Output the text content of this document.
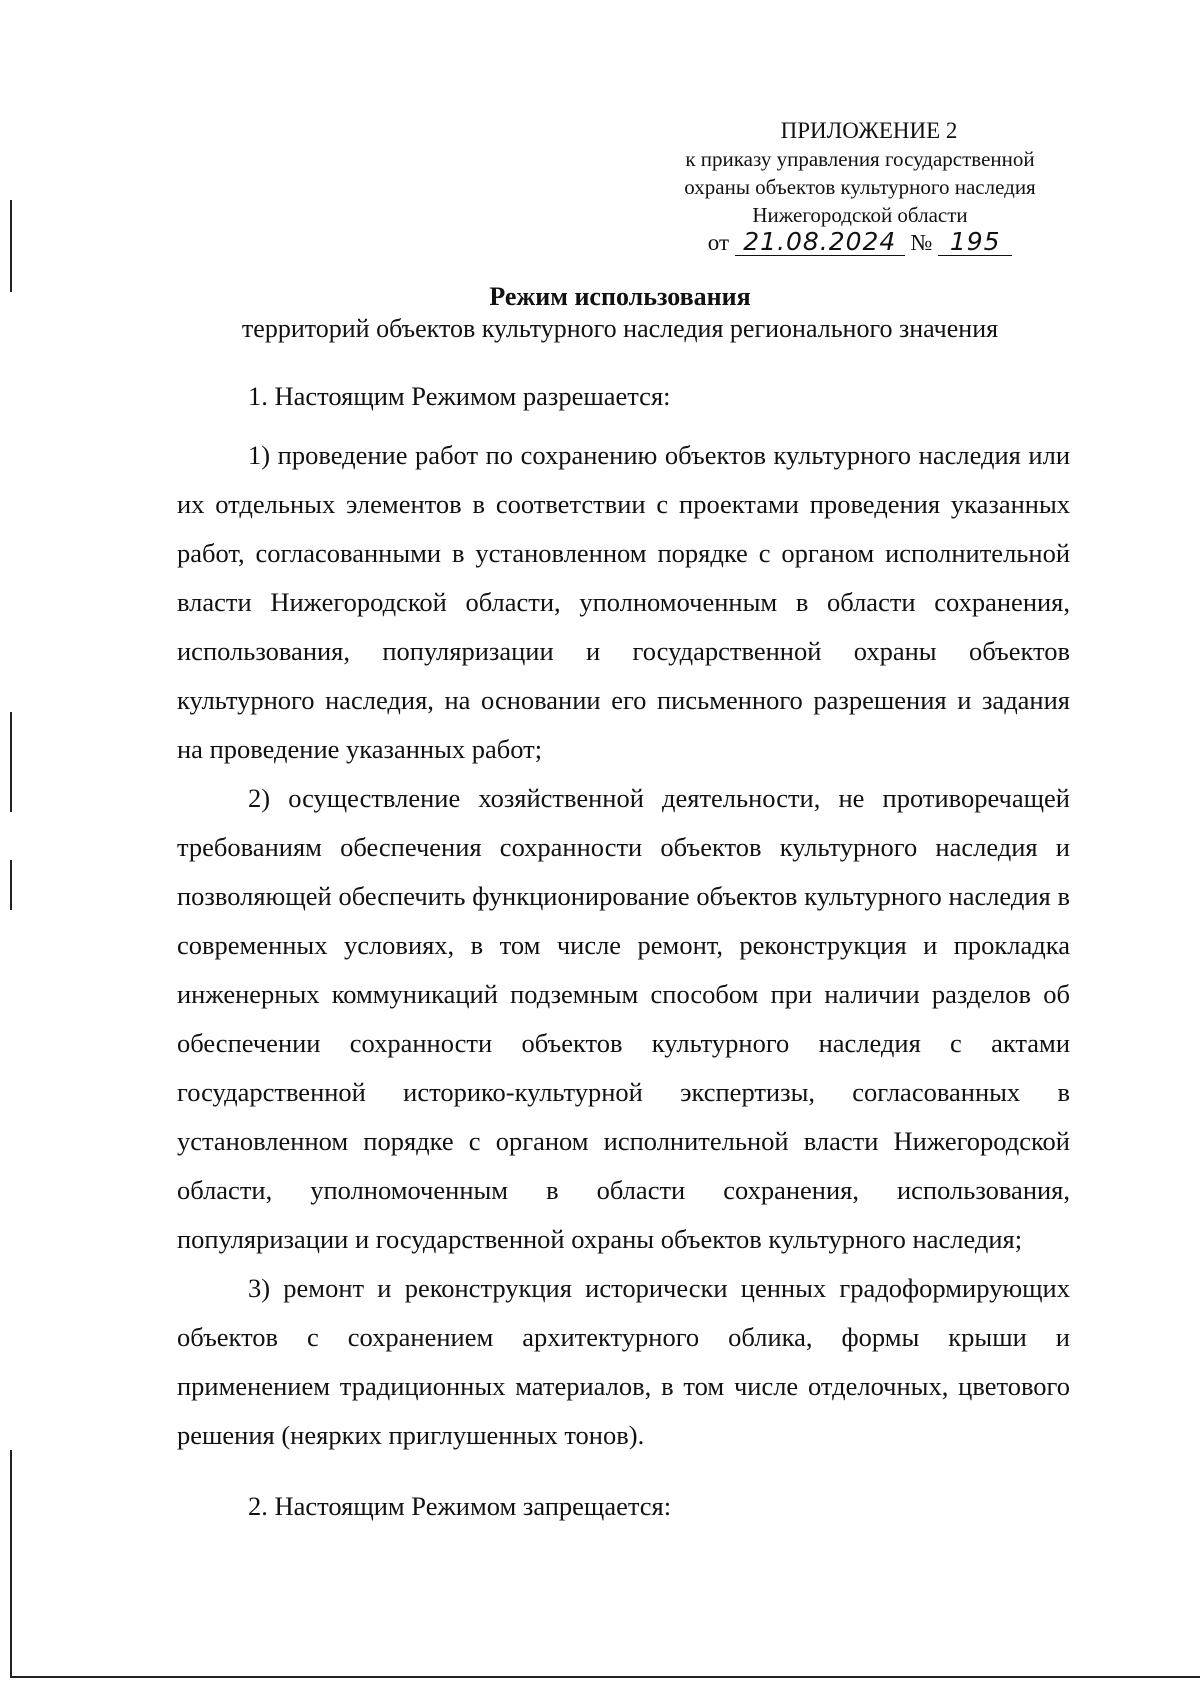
ПРИЛОЖЕНИЕ 2
к приказу управления государственной
охраны объектов культурного наследия
Нижегородской области
от 21.08.2024 № 195
Режим использования
территорий объектов культурного наследия регионального значения

1. Настоящим Режимом разрешается:

1) проведение работ по сохранению объектов культурного наследия или их отдельных элементов в соответствии с проектами проведения указанных работ, согласованными в установленном порядке с органом исполнительной власти Нижегородской области, уполномоченным в области сохранения, использования, популяризации и государственной охраны объектов культурного наследия, на основании его письменного разрешения и задания на проведение указанных работ;

2) осуществление хозяйственной деятельности, не противоречащей требованиям обеспечения сохранности объектов культурного наследия и позволяющей обеспечить функционирование объектов культурного наследия в современных условиях, в том числе ремонт, реконструкция и прокладка инженерных коммуникаций подземным способом при наличии разделов об обеспечении сохранности объектов культурного наследия с актами государственной историко-культурной экспертизы, согласованных в установленном порядке с органом исполнительной власти Нижегородской области, уполномоченным в области сохранения, использования, популяризации и государственной охраны объектов культурного наследия;

3) ремонт и реконструкция исторически ценных градоформирующих объектов с сохранением архитектурного облика, формы крыши и применением традиционных материалов, в том числе отделочных, цветового решения (неярких приглушенных тонов).

2. Настоящим Режимом запрещается:
